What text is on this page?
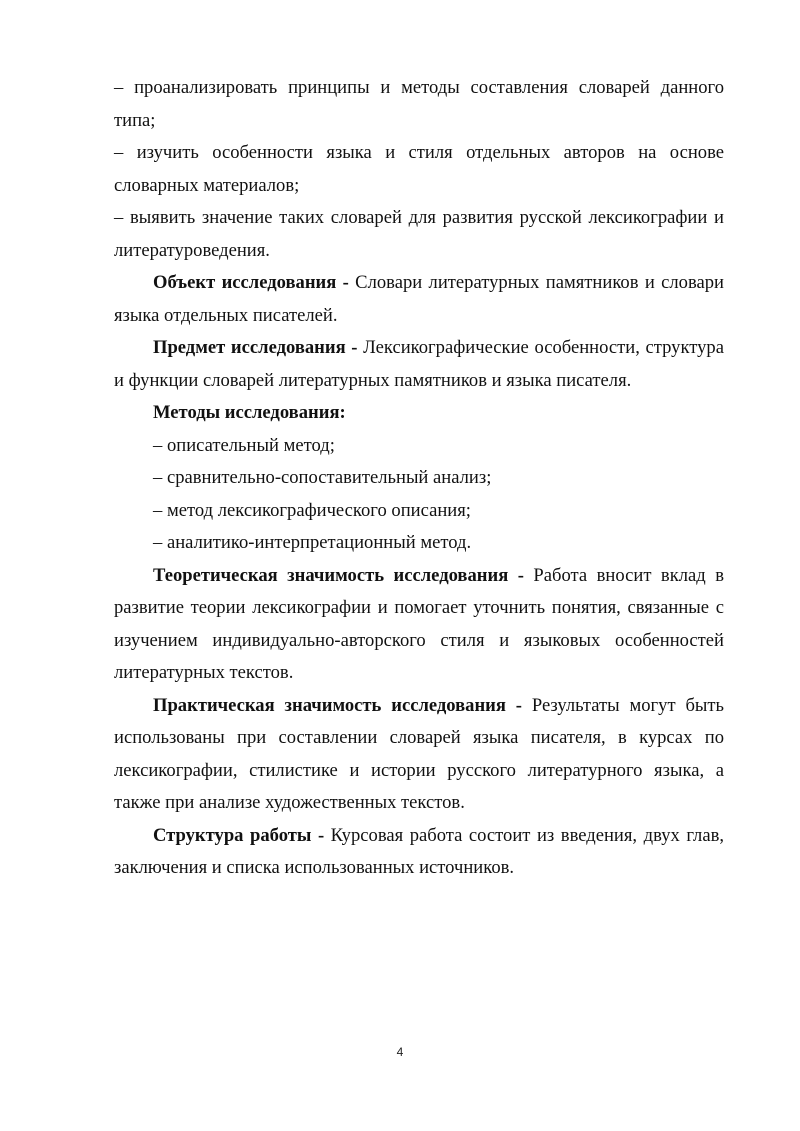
– проанализировать принципы и методы составления словарей данного типа;

– изучить особенности языка и стиля отдельных авторов на основе словарных материалов;

– выявить значение таких словарей для развития русской лексикографии и литературоведения.

Объект исследования - Словари литературных памятников и словари языка отдельных писателей.

Предмет исследования - Лексикографические особенности, структура и функции словарей литературных памятников и языка писателя.

Методы исследования:

– описательный метод;

– сравнительно-сопоставительный анализ;

– метод лексикографического описания;

– аналитико-интерпретационный метод.

Теоретическая значимость исследования - Работа вносит вклад в развитие теории лексикографии и помогает уточнить понятия, связанные с изучением индивидуально-авторского стиля и языковых особенностей литературных текстов.

Практическая значимость исследования - Результаты могут быть использованы при составлении словарей языка писателя, в курсах по лексикографии, стилистике и истории русского литературного языка, а также при анализе художественных текстов.

Структура работы - Курсовая работа состоит из введения, двух глав, заключения и списка использованных источников.

4
